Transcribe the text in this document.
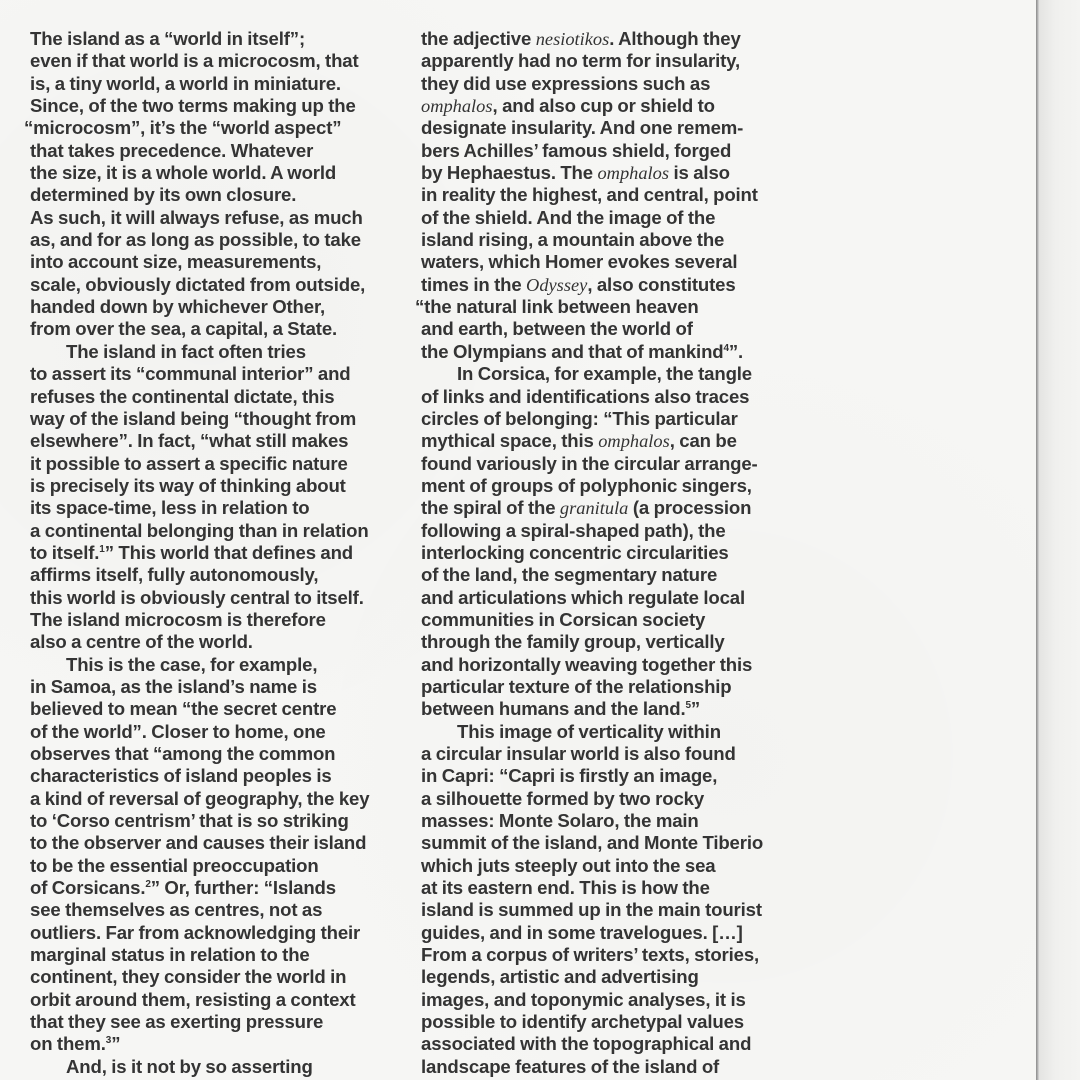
The island as a “world in itself”;
even if that world is a microcosm, that
is, a tiny world, a world in miniature.
Since, of the two terms making up the
“microcosm”, it’s the “world aspect”
that takes precedence. Whatever
the size, it is a whole world. A world
determined by its own closure.
As such, it will always refuse, as much
as, and for as long as possible, to take
into account size, measurements,
scale, obviously dictated from outside,
handed down by whichever Other,
from over the sea, a capital, a State.
The island in fact often tries
to assert its “communal interior” and
refuses the continental dictate, this
way of the island being “thought from
elsewhere”. In fact, “what still makes
it possible to assert a specific nature
is precisely its way of thinking about
its space-time, less in relation to
a continental belonging than in relation
to itself.$^1$” This world that defines and
affirms itself, fully autonomously,
this world is obviously central to itself.
The island microcosm is therefore
also a centre of the world.
This is the case, for example,
in Samoa, as the island’s name is
believed to mean “the secret centre
of the world”. Closer to home, one
observes that “among the common
characteristics of island peoples is
a kind of reversal of geography, the key
to ‘Corso centrism’ that is so striking
to the observer and causes their island
to be the essential preoccupation
of Corsicans.$^2$” Or, further: “Islands
see themselves as centres, not as
outliers. Far from acknowledging their
marginal status in relation to the
continent, they consider the world in
orbit around them, resisting a context
that they see as exerting pressure
on them.$^3$”
And, is it not by so asserting
the adjective nesiotikos. Although they
apparently had no term for insularity,
they did use expressions such as
omphalos, and also cup or shield to
designate insularity. And one remem-
bers Achilles’ famous shield, forged
by Hephaestus. The omphalos is also
in reality the highest, and central, point
of the shield. And the image of the
island rising, a mountain above the
waters, which Homer evokes several
times in the Odyssey, also constitutes
“the natural link between heaven
and earth, between the world of
the Olympians and that of mankind$^4$”.
In Corsica, for example, the tangle
of links and identifications also traces
circles of belonging: “This particular
mythical space, this omphalos, can be
found variously in the circular arrange-
ment of groups of polyphonic singers,
the spiral of the granitula (a procession
following a spiral-shaped path), the
interlocking concentric circularities
of the land, the segmentary nature
and articulations which regulate local
communities in Corsican society
through the family group, vertically
and horizontally weaving together this
particular texture of the relationship
between humans and the land.$^5$”
This image of verticality within
a circular insular world is also found
in Capri: “Capri is firstly an image,
a silhouette formed by two rocky
masses: Monte Solaro, the main
summit of the island, and Monte Tiberio
which juts steeply out into the sea
at its eastern end. This is how the
island is summed up in the main tourist
guides, and in some travelogues. […]
From a corpus of writers’ texts, stories,
legends, artistic and advertising
images, and toponymic analyses, it is
possible to identify archetypal values
associated with the topographical and
landscape features of the island of
